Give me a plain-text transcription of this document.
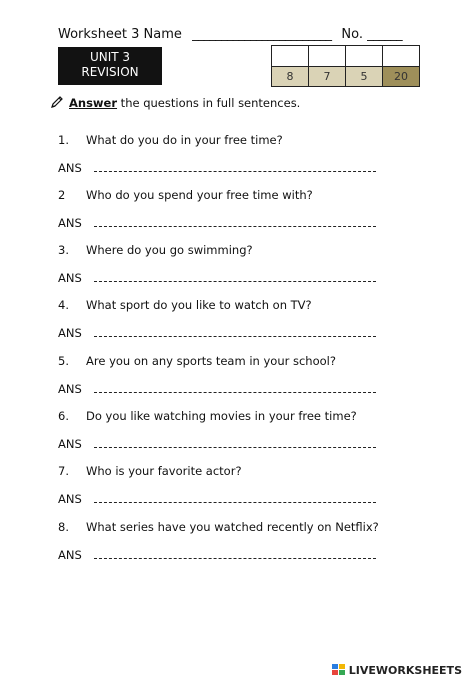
Worksheet 3 Name ________________________ No. ______
UNIT 3
REVISION
				8	7	5	20
Answer the questions in full sentences.
1. What do you do in your free time?
ANS
2 Who do you spend your free time with?
ANS
3. Where do you go swimming?
ANS
4. What sport do you like to watch on TV?
ANS
5. Are you on any sports team in your school?
ANS
6. Do you like watching movies in your free time?
ANS
7. Who is your favorite actor?
ANS
8. What series have you watched recently on Netflix?
ANS
LIVEWORKSHEETS
